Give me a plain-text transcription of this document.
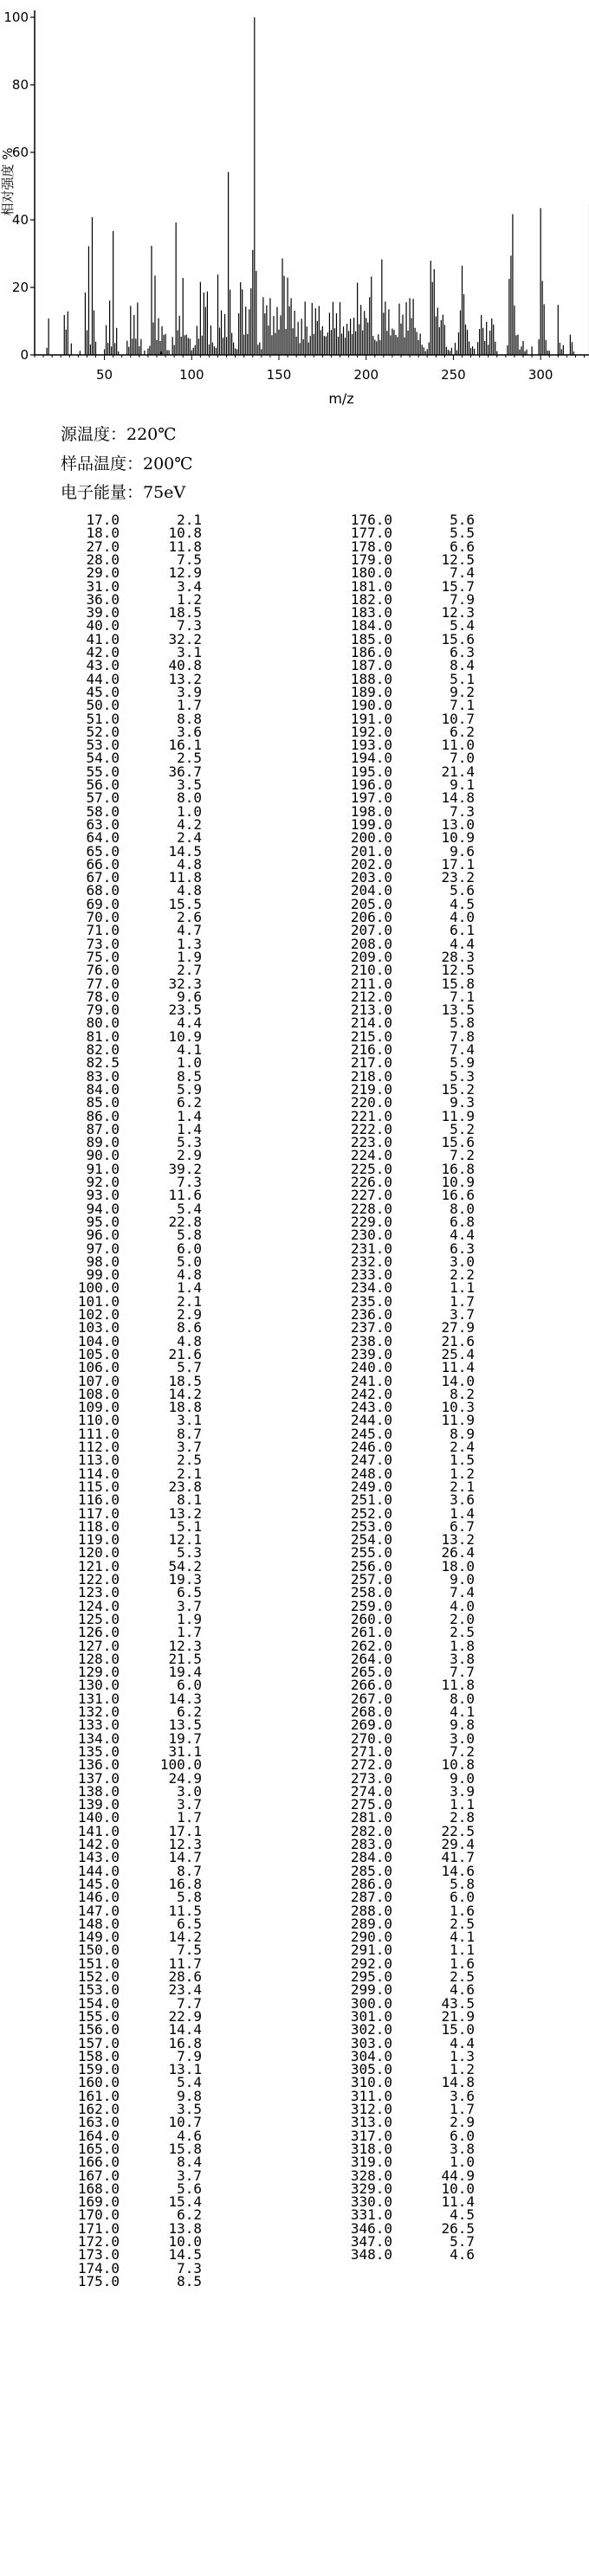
0
20
40
60
80
100
50	100	150	200	250	300
相对强度 %
m/z
源温度：220℃
样品温度：200℃
电子能量：75eV
17.0	2.1
18.0	10.8
27.0	11.8
28.0	7.5
29.0	12.9
31.0	3.4
36.0	1.2
39.0	18.5
40.0	7.3
41.0	32.2
42.0	3.1
43.0	40.8
44.0	13.2
45.0	3.9
50.0	1.7
51.0	8.8
52.0	3.6
53.0	16.1
54.0	2.5
55.0	36.7
56.0	3.5
57.0	8.0
58.0	1.0
63.0	4.2
64.0	2.4
65.0	14.5
66.0	4.8
67.0	11.8
68.0	4.8
69.0	15.5
70.0	2.6
71.0	4.7
73.0	1.3
75.0	1.9
76.0	2.7
77.0	32.3
78.0	9.6
79.0	23.5
80.0	4.4
81.0	10.9
82.0	4.1
82.5	1.0
83.0	8.5
84.0	5.9
85.0	6.2
86.0	1.4
87.0	1.4
89.0	5.3
90.0	2.9
91.0	39.2
92.0	7.3
93.0	11.6
94.0	5.4
95.0	22.8
96.0	5.8
97.0	6.0
98.0	5.0
99.0	4.8
100.0	1.4
101.0	2.1
102.0	2.9
103.0	8.6
104.0	4.8
105.0	21.6
106.0	5.7
107.0	18.5
108.0	14.2
109.0	18.8
110.0	3.1
111.0	8.7
112.0	3.7
113.0	2.5
114.0	2.1
115.0	23.8
116.0	8.1
117.0	13.2
118.0	5.1
119.0	12.1
120.0	5.3
121.0	54.2
122.0	19.3
123.0	6.5
124.0	3.7
125.0	1.9
126.0	1.7
127.0	12.3
128.0	21.5
129.0	19.4
130.0	6.0
131.0	14.3
132.0	6.2
133.0	13.5
134.0	19.7
135.0	31.1
136.0	100.0
137.0	24.9
138.0	3.0
139.0	3.7
140.0	1.7
141.0	17.1
142.0	12.3
143.0	14.7
144.0	8.7
145.0	16.8
146.0	5.8
147.0	11.5
148.0	6.5
149.0	14.2
150.0	7.5
151.0	11.7
152.0	28.6
153.0	23.4
154.0	7.7
155.0	22.9
156.0	14.4
157.0	16.8
158.0	7.9
159.0	13.1
160.0	5.4
161.0	9.8
162.0	3.5
163.0	10.7
164.0	4.6
165.0	15.8
166.0	8.4
167.0	3.7
168.0	5.6
169.0	15.4
170.0	6.2
171.0	13.8
172.0	10.0
173.0	14.5
174.0	7.3
175.0	8.5
176.0	5.6
177.0	5.5
178.0	6.6
179.0	12.5
180.0	7.4
181.0	15.7
182.0	7.9
183.0	12.3
184.0	5.4
185.0	15.6
186.0	6.3
187.0	8.4
188.0	5.1
189.0	9.2
190.0	7.1
191.0	10.7
192.0	6.2
193.0	11.0
194.0	7.0
195.0	21.4
196.0	9.1
197.0	14.8
198.0	7.3
199.0	13.0
200.0	10.9
201.0	9.6
202.0	17.1
203.0	23.2
204.0	5.6
205.0	4.5
206.0	4.0
207.0	6.1
208.0	4.4
209.0	28.3
210.0	12.5
211.0	15.8
212.0	7.1
213.0	13.5
214.0	5.8
215.0	7.8
216.0	7.4
217.0	5.9
218.0	5.3
219.0	15.2
220.0	9.3
221.0	11.9
222.0	5.2
223.0	15.6
224.0	7.2
225.0	16.8
226.0	10.9
227.0	16.6
228.0	8.0
229.0	6.8
230.0	4.4
231.0	6.3
232.0	3.0
233.0	2.2
234.0	1.1
235.0	1.7
236.0	3.7
237.0	27.9
238.0	21.6
239.0	25.4
240.0	11.4
241.0	14.0
242.0	8.2
243.0	10.3
244.0	11.9
245.0	8.9
246.0	2.4
247.0	1.5
248.0	1.2
249.0	2.1
251.0	3.6
252.0	1.4
253.0	6.7
254.0	13.2
255.0	26.4
256.0	18.0
257.0	9.0
258.0	7.4
259.0	4.0
260.0	2.0
261.0	2.5
262.0	1.8
264.0	3.8
265.0	7.7
266.0	11.8
267.0	8.0
268.0	4.1
269.0	9.8
270.0	3.0
271.0	7.2
272.0	10.8
273.0	9.0
274.0	3.9
275.0	1.1
281.0	2.8
282.0	22.5
283.0	29.4
284.0	41.7
285.0	14.6
286.0	5.8
287.0	6.0
288.0	1.6
289.0	2.5
290.0	4.1
291.0	1.1
292.0	1.6
295.0	2.5
299.0	4.6
300.0	43.5
301.0	21.9
302.0	15.0
303.0	4.4
304.0	1.3
305.0	1.2
310.0	14.8
311.0	3.6
312.0	1.7
313.0	2.9
317.0	6.0
318.0	3.8
319.0	1.0
328.0	44.9
329.0	10.0
330.0	11.4
331.0	4.5
346.0	26.5
347.0	5.7
348.0	4.6
